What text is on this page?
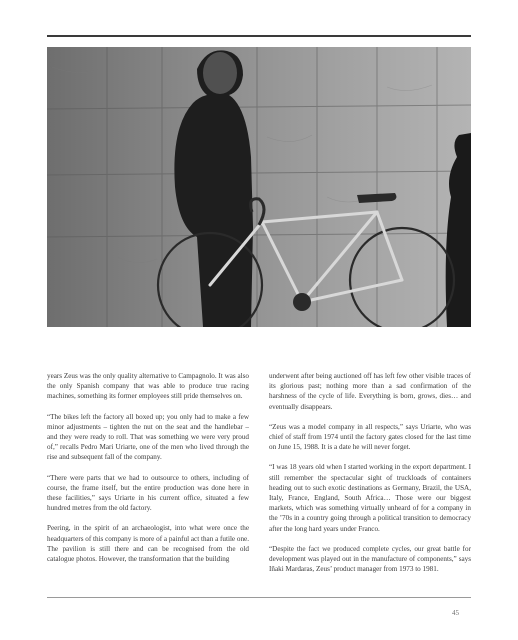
years Zeus was the only quality alternative to Campagnolo. It was also the only Spanish company that was able to produce true racing machines, something its former employees still pride themselves on.

“The bikes left the factory all boxed up; you only had to make a few minor adjustments – tighten the nut on the seat and the handlebar – and they were ready to roll. That was something we were very proud of,” recalls Pedro Mari Uriarte, one of the men who lived through the rise and subsequent fall of the company.

“There were parts that we had to outsource to others, including of course, the frame itself, but the entire production was done here in these facilities,” says Uriarte in his current office, situated a few hundred metres from the old factory.

Peering, in the spirit of an archaeologist, into what were once the headquarters of this company is more of a painful act than a futile one. The pavilion is still there and can be recognised from the old catalogue photos. However, the transformation that the building

underwent after being auctioned off has left few other visible traces of its glorious past; nothing more than a sad confirmation of the harshness of the cycle of life. Everything is born, grows, dies… and eventually disappears.

“Zeus was a model company in all respects,” says Uriarte, who was chief of staff from 1974 until the factory gates closed for the last time on June 15, 1988. It is a date he will never forget.

“I was 18 years old when I started working in the export department. I still remember the spectacular sight of truckloads of containers heading out to such exotic destinations as Germany, Brazil, the USA, Italy, France, England, South Africa… Those were our biggest markets, which was something virtually unheard of for a company in the ’70s in a country going through a political transition to democracy after the long hard years under Franco.

“Despite the fact we produced complete cycles, our great battle for development was played out in the manufacture of components,” says Iñaki Mardaras, Zeus’ product manager from 1973 to 1981.

45
